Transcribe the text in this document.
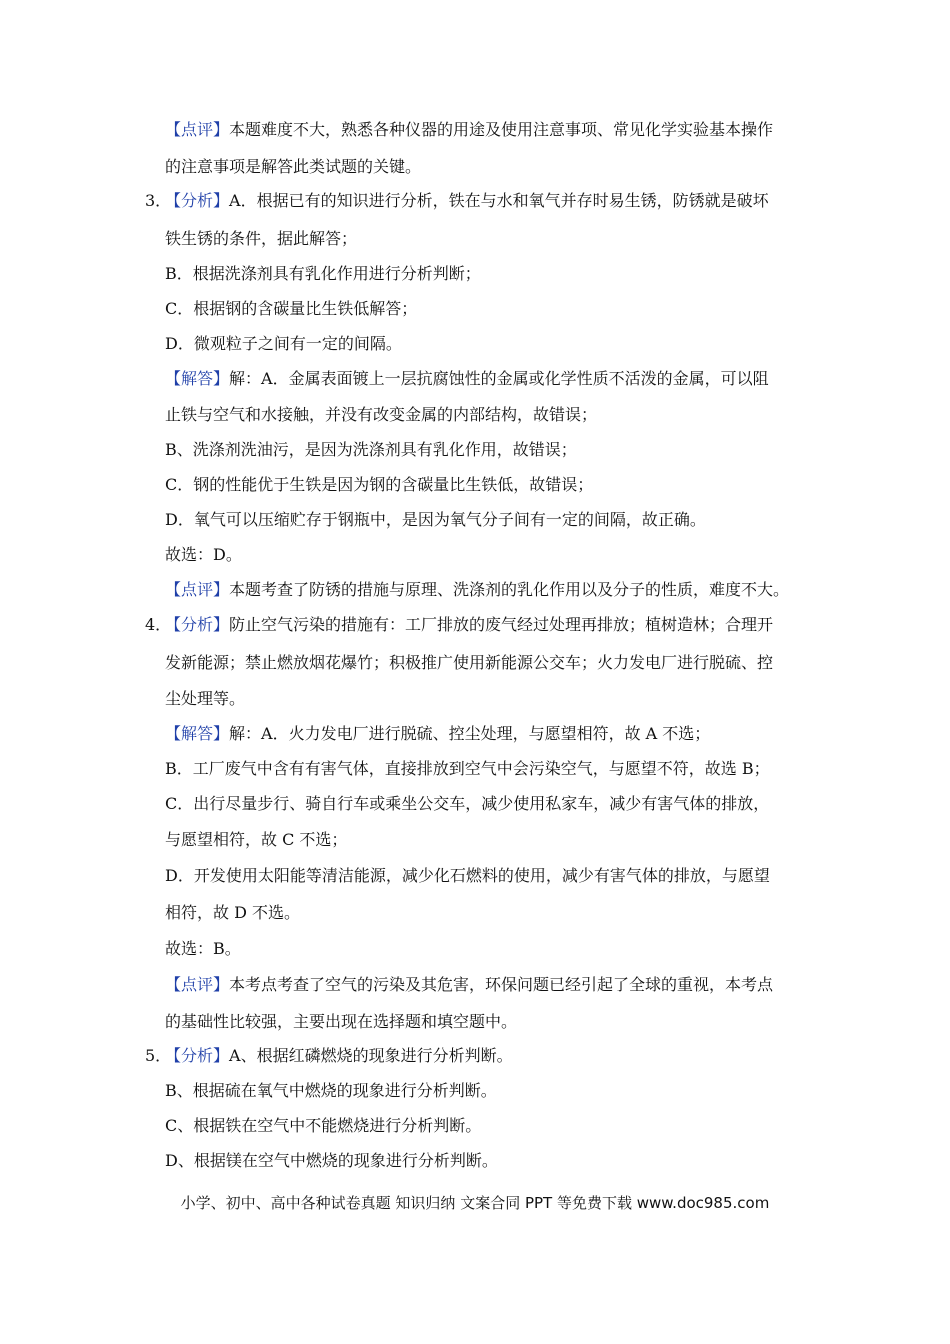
【点评】本题难度不大，熟悉各种仪器的用途及使用注意事项、常见化学实验基本操作
的注意事项是解答此类试题的关键。
3．
【分析】A．根据已有的知识进行分析，铁在与水和氧气并存时易生锈，防锈就是破坏
铁生锈的条件，据此解答；
B．根据洗涤剂具有乳化作用进行分析判断；
C．根据钢的含碳量比生铁低解答；
D．微观粒子之间有一定的间隔。
【解答】解：A．金属表面镀上一层抗腐蚀性的金属或化学性质不活泼的金属，可以阻
止铁与空气和水接触，并没有改变金属的内部结构，故错误；
B、洗涤剂洗油污，是因为洗涤剂具有乳化作用，故错误；
C．钢的性能优于生铁是因为钢的含碳量比生铁低，故错误；
D．氧气可以压缩贮存于钢瓶中，是因为氧气分子间有一定的间隔，故正确。
故选：D。
【点评】本题考查了防锈的措施与原理、洗涤剂的乳化作用以及分子的性质，难度不大。
4．
【分析】防止空气污染的措施有：工厂排放的废气经过处理再排放；植树造林；合理开
发新能源；禁止燃放烟花爆竹；积极推广使用新能源公交车；火力发电厂进行脱硫、控
尘处理等。
【解答】解：A．火力发电厂进行脱硫、控尘处理，与愿望相符，故 A 不选；
B．工厂废气中含有有害气体，直接排放到空气中会污染空气，与愿望不符，故选 B；
C．出行尽量步行、骑自行车或乘坐公交车，减少使用私家车，减少有害气体的排放，
与愿望相符，故 C 不选；
D．开发使用太阳能等清洁能源，减少化石燃料的使用，减少有害气体的排放，与愿望
相符，故 D 不选。
故选：B。
【点评】本考点考查了空气的污染及其危害，环保问题已经引起了全球的重视，本考点
的基础性比较强，主要出现在选择题和填空题中。
5．
【分析】A、根据红磷燃烧的现象进行分析判断。
B、根据硫在氧气中燃烧的现象进行分析判断。
C、根据铁在空气中不能燃烧进行分析判断。
D、根据镁在空气中燃烧的现象进行分析判断。
小学、初中、高中各种试卷真题 知识归纳 文案合同 PPT 等免费下载 www.doc985.com
